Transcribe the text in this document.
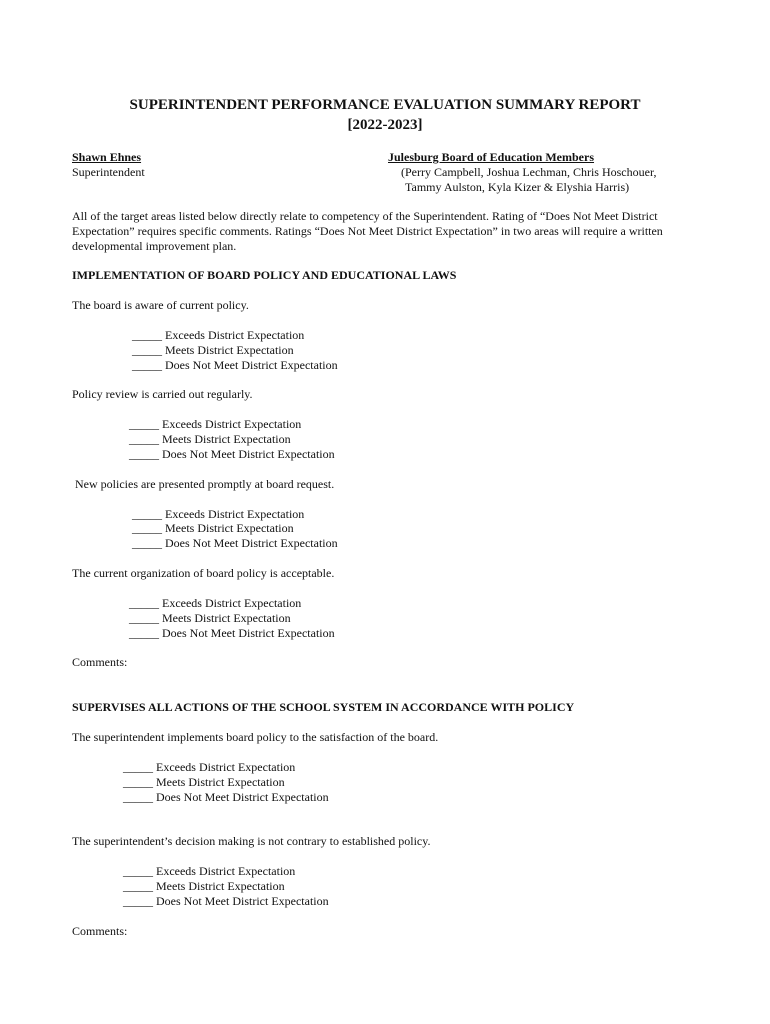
SUPERINTENDENT PERFORMANCE EVALUATION SUMMARY REPORT
[2022-2023]
Shawn Ehnes
Superintendent
Julesburg Board of Education Members
(Perry Campbell, Joshua Lechman, Chris Hoschouer,
Tammy Aulston, Kyla Kizer & Elyshia Harris)
All of the target areas listed below directly relate to competency of the Superintendent. Rating of “Does Not Meet District Expectation” requires specific comments. Ratings “Does Not Meet District Expectation” in two areas will require a written developmental improvement plan.
IMPLEMENTATION OF BOARD POLICY AND EDUCATIONAL LAWS
The board is aware of current policy.
_____ Exceeds District Expectation
_____ Meets District Expectation
_____ Does Not Meet District Expectation
Policy review is carried out regularly.
_____ Exceeds District Expectation
_____ Meets District Expectation
_____ Does Not Meet District Expectation
New policies are presented promptly at board request.
_____ Exceeds District Expectation
_____ Meets District Expectation
_____ Does Not Meet District Expectation
The current organization of board policy is acceptable.
_____ Exceeds District Expectation
_____ Meets District Expectation
_____ Does Not Meet District Expectation
Comments:
SUPERVISES ALL ACTIONS OF THE SCHOOL SYSTEM IN ACCORDANCE WITH POLICY
The superintendent implements board policy to the satisfaction of the board.
_____ Exceeds District Expectation
_____ Meets District Expectation
_____ Does Not Meet District Expectation
The superintendent’s decision making is not contrary to established policy.
_____ Exceeds District Expectation
_____ Meets District Expectation
_____ Does Not Meet District Expectation
Comments:
